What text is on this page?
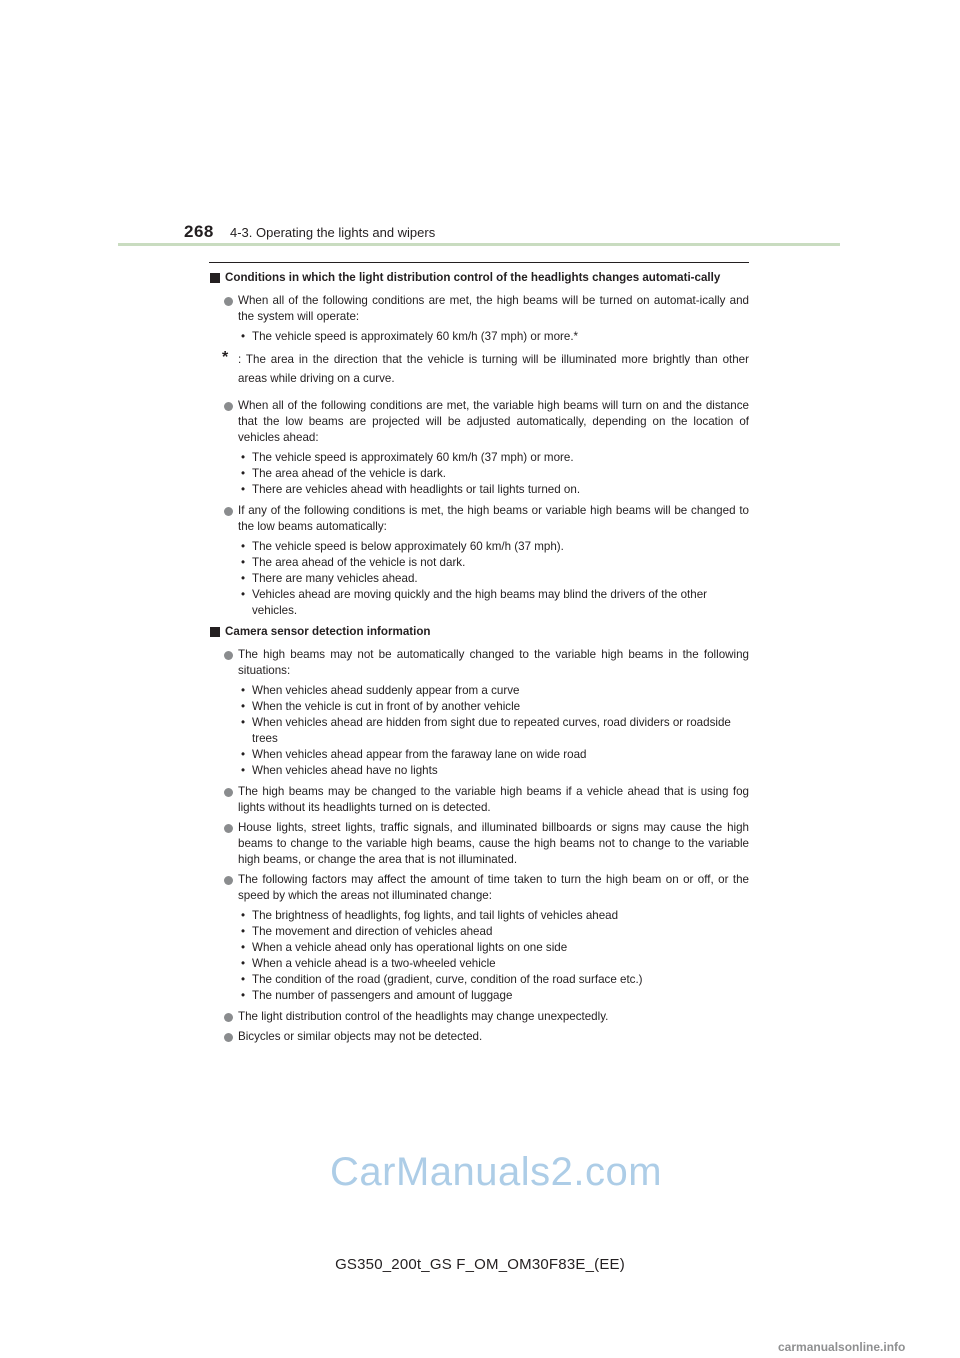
268 4-3. Operating the lights and wipers
Conditions in which the light distribution control of the headlights changes automati-cally
When all of the following conditions are met, the high beams will be turned on automat-ically and the system will operate:
• The vehicle speed is approximately 60 km/h (37 mph) or more.*
* : The area in the direction that the vehicle is turning will be illuminated more brightly than other areas while driving on a curve.
When all of the following conditions are met, the variable high beams will turn on and the distance that the low beams are projected will be adjusted automatically, depending on the location of vehicles ahead:
• The vehicle speed is approximately 60 km/h (37 mph) or more.
• The area ahead of the vehicle is dark.
• There are vehicles ahead with headlights or tail lights turned on.
If any of the following conditions is met, the high beams or variable high beams will be changed to the low beams automatically:
• The vehicle speed is below approximately 60 km/h (37 mph).
• The area ahead of the vehicle is not dark.
• There are many vehicles ahead.
• Vehicles ahead are moving quickly and the high beams may blind the drivers of the other vehicles.
Camera sensor detection information
The high beams may not be automatically changed to the variable high beams in the following situations:
• When vehicles ahead suddenly appear from a curve
• When the vehicle is cut in front of by another vehicle
• When vehicles ahead are hidden from sight due to repeated curves, road dividers or roadside trees
• When vehicles ahead appear from the faraway lane on wide road
• When vehicles ahead have no lights
The high beams may be changed to the variable high beams if a vehicle ahead that is using fog lights without its headlights turned on is detected.
House lights, street lights, traffic signals, and illuminated billboards or signs may cause the high beams to change to the variable high beams, cause the high beams not to change to the variable high beams, or change the area that is not illuminated.
The following factors may affect the amount of time taken to turn the high beam on or off, or the speed by which the areas not illuminated change:
• The brightness of headlights, fog lights, and tail lights of vehicles ahead
• The movement and direction of vehicles ahead
• When a vehicle ahead only has operational lights on one side
• When a vehicle ahead is a two-wheeled vehicle
• The condition of the road (gradient, curve, condition of the road surface etc.)
• The number of passengers and amount of luggage
The light distribution control of the headlights may change unexpectedly.
Bicycles or similar objects may not be detected.
CarManuals2.com
GS350_200t_GS F_OM_OM30F83E_(EE)
carmanualsonline.info
